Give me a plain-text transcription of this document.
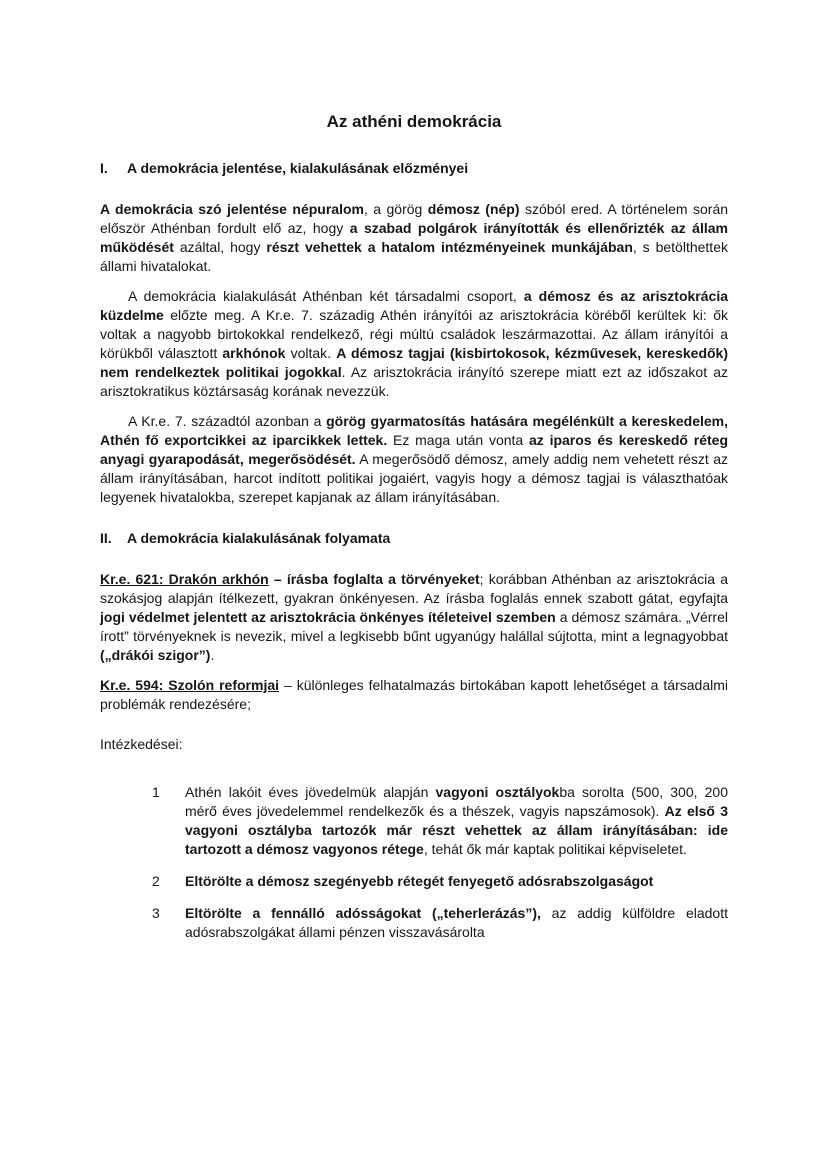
Az athéni demokrácia
I. A demokrácia jelentése, kialakulásának előzményei

A demokrácia szó jelentése népuralom, a görög démosz (nép) szóból ered. A történelem során először Athénban fordult elő az, hogy a szabad polgárok irányították és ellenőrizték az állam működését azáltal, hogy részt vehettek a hatalom intézményeinek munkájában, s betölthettek állami hivatalokat.

A demokrácia kialakulását Athénban két társadalmi csoport, a démosz és az arisztokrácia küzdelme előzte meg. A Kr.e. 7. századig Athén irányítói az arisztokrácia köréből kerültek ki: ők voltak a nagyobb birtokokkal rendelkező, régi múltú családok leszármazottai. Az állam irányítói a körükből választott arkhónok voltak. A démosz tagjai (kisbirtokosok, kézművesek, kereskedők) nem rendelkeztek politikai jogokkal. Az arisztokrácia irányító szerepe miatt ezt az időszakot az arisztokratikus köztársaság korának nevezzük.

A Kr.e. 7. századtól azonban a görög gyarmatosítás hatására megélénkült a kereskedelem, Athén fő exportcikkei az iparcikkek lettek. Ez maga után vonta az iparos és kereskedő réteg anyagi gyarapodását, megerősödését. A megerősödő démosz, amely addig nem vehetett részt az állam irányításában, harcot indított politikai jogaiért, vagyis hogy a démosz tagjai is választhatóak legyenek hivatalokba, szerepet kapjanak az állam irányításában.

II. A demokrácia kialakulásának folyamata

Kr.e. 621: Drakón arkhón – írásba foglalta a törvényeket; korábban Athénban az arisztokrácia a szokásjog alapján ítélkezett, gyakran önkényesen. Az írásba foglalás ennek szabott gátat, egyfajta jogi védelmet jelentett az arisztokrácia önkényes ítéleteivel szemben a démosz számára. „Vérrel írott” törvényeknek is nevezik, mivel a legkisebb bűnt ugyanúgy halállal sújtotta, mint a legnagyobbat („drákói szigor”).

Kr.e. 594: Szolón reformjai – különleges felhatalmazás birtokában kapott lehetőséget a társadalmi problémák rendezésére;

Intézkedései:

1	Athén lakóit éves jövedelmük alapján vagyoni osztályokba sorolta (500, 300, 200 mérő éves jövedelemmel rendelkezők és a thészek, vagyis napszámosok). Az első 3 vagyoni osztályba tartozók már részt vehettek az állam irányításában: ide tartozott a démosz vagyonos rétege, tehát ők már kaptak politikai képviseletet.
2	Eltörölte a démosz szegényebb rétegét fenyegető adósrabszolgaságot
3	Eltörölte a fennálló adósságokat („teherlerázás”), az addig külföldre eladott adósrabszolgákat állami pénzen visszavásárolta
